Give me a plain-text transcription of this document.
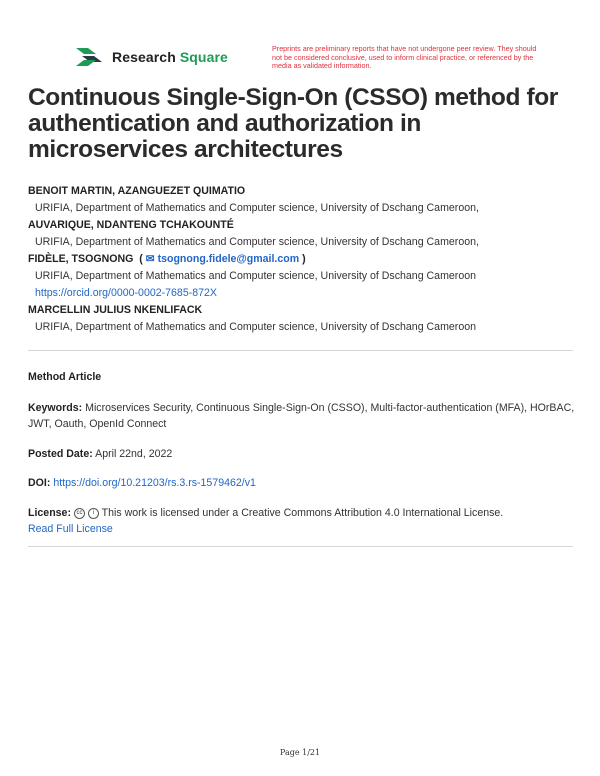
Research Square
Preprints are preliminary reports that have not undergone peer review. They should not be considered conclusive, used to inform clinical practice, or referenced by the media as validated information.
Continuous Single-Sign-On (CSSO) method for authentication and authorization in microservices architectures
BENOIT MARTIN, AZANGUEZET QUIMATIO
URIFIA, Department of Mathematics and Computer science, University of Dschang Cameroon,
AUVARIQUE, NDANTENG TCHAKOUNTÉ
URIFIA, Department of Mathematics and Computer science, University of Dschang Cameroon,
FIDÈLE, TSOGNONG  ( ✉ tsognong.fidele@gmail.com )
URIFIA, Department of Mathematics and Computer science, University of Dschang Cameroon
https://orcid.org/0000-0002-7685-872X
MARCELLIN JULIUS NKENLIFACK
URIFIA, Department of Mathematics and Computer science, University of Dschang Cameroon
Method Article
Keywords: Microservices Security, Continuous Single-Sign-On (CSSO), Multi-factor-authentication (MFA), HOrBAC, JWT, Oauth, OpenId Connect
Posted Date: April 22nd, 2022
DOI: https://doi.org/10.21203/rs.3.rs-1579462/v1
License: cc i This work is licensed under a Creative Commons Attribution 4.0 International License.
Read Full License
Page 1/21
